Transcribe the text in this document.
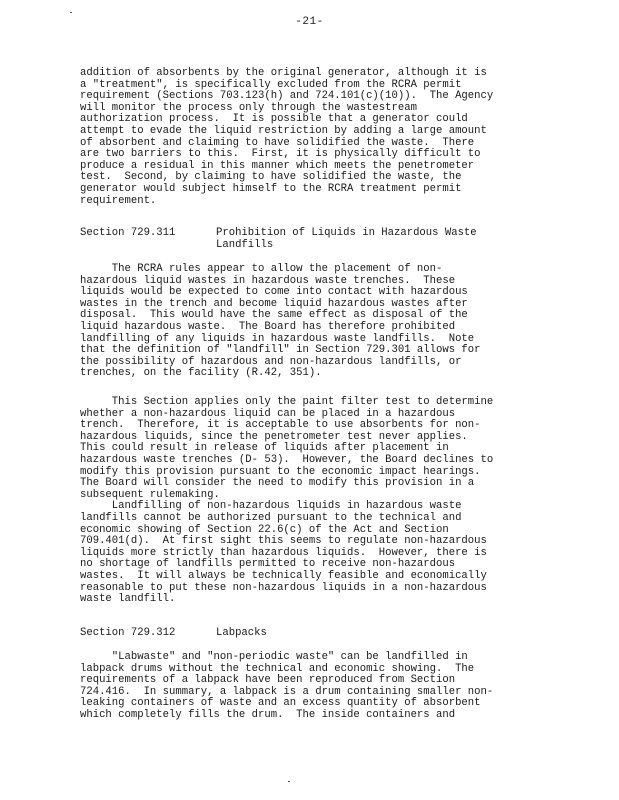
-21-
addition of absorbents by the original generator, although it is
a "treatment", is specifically excluded from the RCRA permit
requirement (Sections 703.123(h) and 724.101(c)(10)).  The Agency
will monitor the process only through the wastestream
authorization process.  It is possible that a generator could
attempt to evade the liquid restriction by adding a large amount
of absorbent and claiming to have solidified the waste.  There
are two barriers to this.  First, it is physically difficult to
produce a residual in this manner which meets the penetrometer
test.  Second, by claiming to have solidified the waste, the
generator would subject himself to the RCRA treatment permit
requirement.
Section 729.311	Prohibition of Liquids in Hazardous Waste
Landfills
The RCRA rules appear to allow the placement of non-
hazardous liquid wastes in hazardous waste trenches.  These
liquids would be expected to come into contact with hazardous
wastes in the trench and become liquid hazardous wastes after
disposal.  This would have the same effect as disposal of the
liquid hazardous waste.  The Board has therefore prohibited
landfilling of any liquids in hazardous waste landfills.  Note
that the definition of "landfill" in Section 729.301 allows for
the possibility of hazardous and non-hazardous landfills, or
trenches, on the facility (R.42, 351).
This Section applies only the paint filter test to determine
whether a non-hazardous liquid can be placed in a hazardous
trench.  Therefore, it is acceptable to use absorbents for non-
hazardous liquids, since the penetrometer test never applies.
This could result in release of liquids after placement in
hazardous waste trenches (D- 53).  However, the Board declines to
modify this provision pursuant to the economic impact hearings.
The Board will consider the need to modify this provision in a
subsequent rulemaking.
Landfilling of non-hazardous liquids in hazardous waste
landfills cannot be authorized pursuant to the technical and
economic showing of Section 22.6(c) of the Act and Section
709.401(d).  At first sight this seems to regulate non-hazardous
liquids more strictly than hazardous liquids.  However, there is
no shortage of landfills permitted to receive non-hazardous
wastes.  It will always be technically feasible and economically
reasonable to put these non-hazardous liquids in a non-hazardous
waste landfill.
Section 729.312	Labpacks
"Labwaste" and "non-periodic waste" can be landfilled in
labpack drums without the technical and economic showing.  The
requirements of a labpack have been reproduced from Section
724.416.  In summary, a labpack is a drum containing smaller non-
leaking containers of waste and an excess quantity of absorbent
which completely fills the drum.  The inside containers and
